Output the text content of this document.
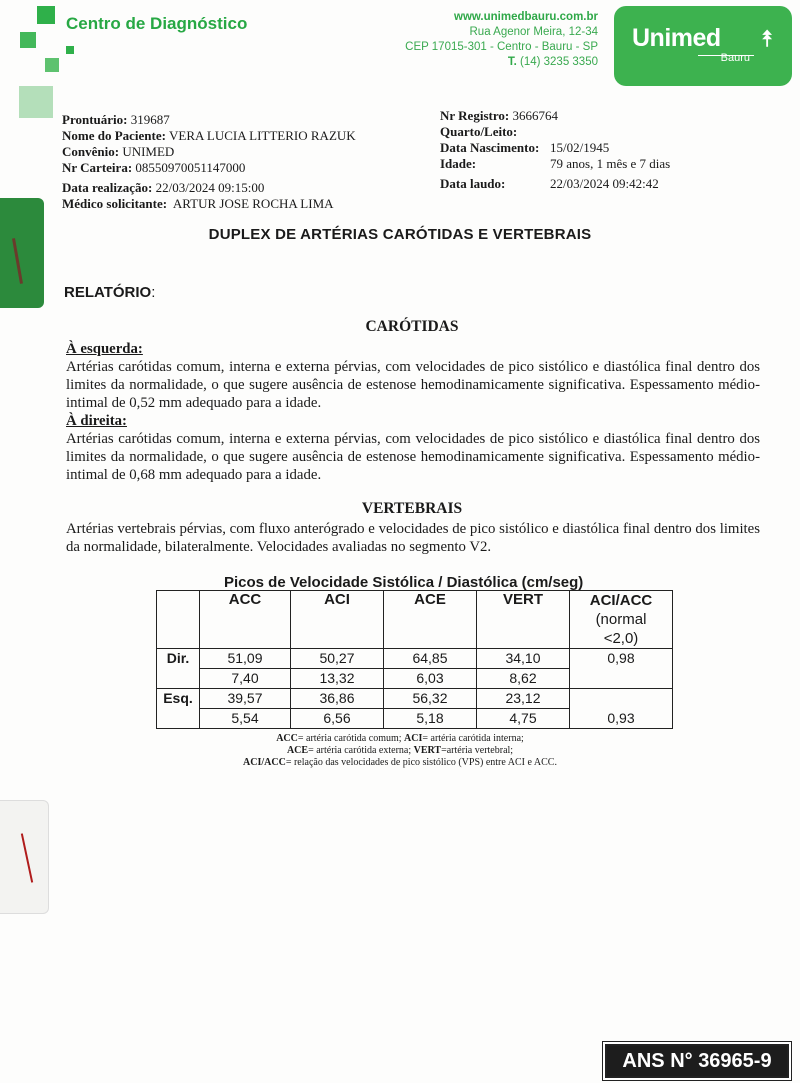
Centro de Diagnóstico	www.unimedbauru.com.br
Rua Agenor Meira, 12-34
CEP 17015-301 - Centro - Bauru - SP
T. (14) 3235 3350
Unimed ⯭
Bauru
Prontuário: 319687
Nome do Paciente: VERA LUCIA LITTERIO RAZUK
Convênio: UNIMED
Nr Carteira: 08550970051147000
Data realização: 22/03/2024 09:15:00
Médico solicitante: ARTUR JOSE ROCHA LIMA
Nr Registro: 3666764
Quarto/Leito:
Data Nascimento: 15/02/1945
Idade:	79 anos, 1 mês e 7 dias
Data laudo:	22/03/2024 09:42:42
DUPLEX DE ARTÉRIAS CARÓTIDAS E VERTEBRAIS
RELATÓRIO:
CARÓTIDAS
À esquerda:
Artérias carótidas comum, interna e externa pérvias, com velocidades de pico sistólico e diastólica final dentro dos limites da normalidade, o que sugere ausência de estenose hemodinamicamente significativa. Espessamento médio-intimal de 0,52 mm adequado para a idade.
À direita:
Artérias carótidas comum, interna e externa pérvias, com velocidades de pico sistólico e diastólica final dentro dos limites da normalidade, o que sugere ausência de estenose hemodinamicamente significativa. Espessamento médio-intimal de 0,68 mm adequado para a idade.
VERTEBRAIS
Artérias vertebrais pérvias, com fluxo anterógrado e velocidades de pico sistólico e diastólica final dentro dos limites da normalidade, bilateralmente. Velocidades avaliadas no segmento V2.
Picos de Velocidade Sistólica / Diastólica (cm/seg)
	ACC	ACI	ACE	VERT	ACI/ACC
(normal
<2,0)

Dir.	51,09	50,27	64,85	34,10	0,98
	7,40	13,32	6,03	8,62	
Esq.	39,57	36,86	56,32	23,12	0,93
	5,54	6,56	5,18	4,75	
ACC= artéria carótida comum; ACI= artéria carótida interna;
ACE= artéria carótida externa; VERT=artéria vertebral;
ACI/ACC= relação das velocidades de pico sistólico (VPS) entre ACI e ACC.
ANS N° 36965-9
